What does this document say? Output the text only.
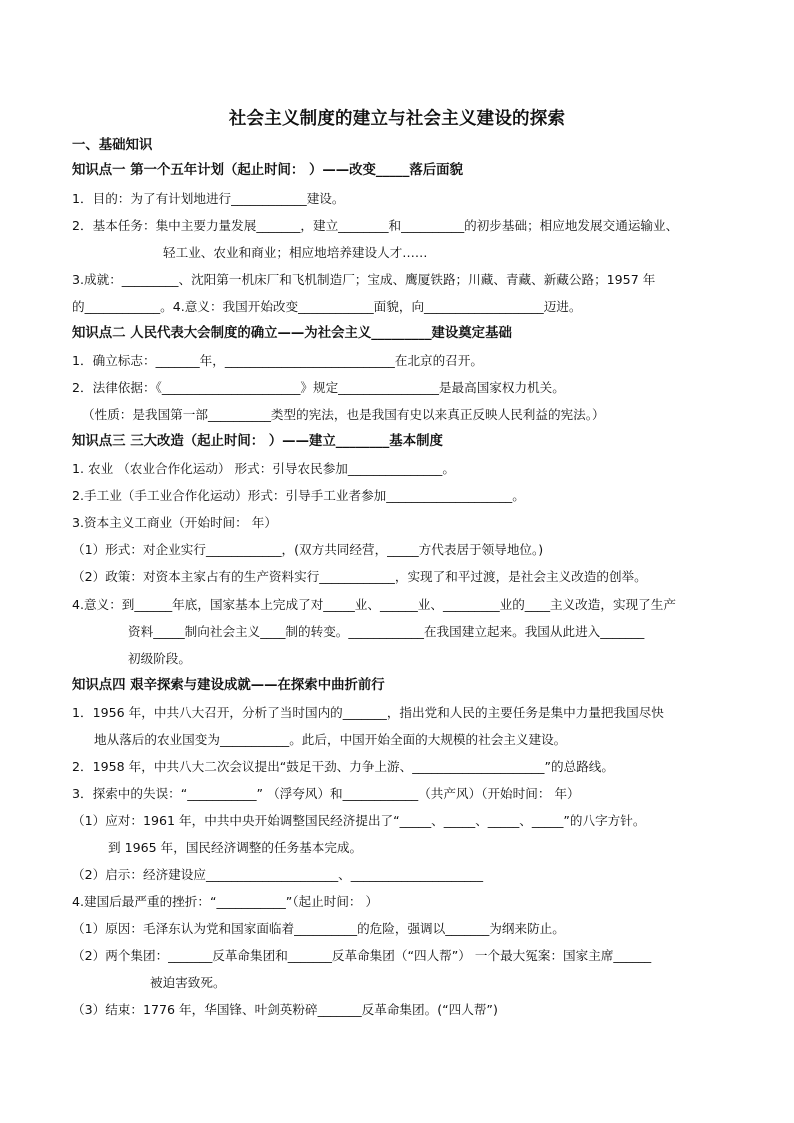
社会主义制度的建立与社会主义建设的探索
一、基础知识
知识点一 第一个五年计划（起止时间： ）——改变_____落后面貌
1．目的：为了有计划地进行____________建设。
2．基本任务：集中主要力量发展_______，建立________和__________的初步基础；相应地发展交通运输业、
轻工业、农业和商业；相应地培养建设人才……
3.成就：_________、沈阳第一机床厂和飞机制造厂；宝成、鹰厦铁路；川藏、青藏、新藏公路；1957 年
的____________。4.意义：我国开始改变____________面貌，向___________________迈进。
知识点二 人民代表大会制度的确立——为社会主义_________建设奠定基础
1．确立标志：_______年，___________________________在北京的召开。
2．法律依据：《______________________》规定________________是最高国家权力机关。
（性质：是我国第一部__________类型的宪法，也是我国有史以来真正反映人民利益的宪法。）
知识点三 三大改造（起止时间： ）——建立________基本制度
1. 农业 （农业合作化运动） 形式：引导农民参加_______________。
2.手工业（手工业合作化运动）形式：引导手工业者参加____________________。
3.资本主义工商业（开始时间： 年）
（1）形式：对企业实行____________，(双方共同经营，_____方代表居于领导地位。)
（2）政策：对资本主家占有的生产资料实行____________，实现了和平过渡，是社会主义改造的创举。
4.意义：到______年底，国家基本上完成了对_____业、______业、_________业的____主义改造，实现了生产
资料_____制向社会主义____制的转变。____________在我国建立起来。我国从此进入_______
初级阶段。
知识点四 艰辛探索与建设成就——在探索中曲折前行
1．1956 年，中共八大召开，分析了当时国内的_______，指出党和人民的主要任务是集中力量把我国尽快
地从落后的农业国变为___________。此后，中国开始全面的大规模的社会主义建设。
2．1958 年，中共八大二次会议提出“鼓足干劲、力争上游、_____________________”的总路线。
3．探索中的失误：“___________” （浮夸风）和____________（共产风）（开始时间： 年）
（1）应对：1961 年，中共中央开始调整国民经济提出了“_____、_____、_____、_____”的八字方针。
到 1965 年，国民经济调整的任务基本完成。
（2）启示：经济建设应_____________________、_____________________
4.建国后最严重的挫折：“___________”（起止时间： ）
（1）原因：毛泽东认为党和国家面临着__________的危险，强调以_______为纲来防止。
（2）两个集团：_______反革命集团和_______反革命集团（“四人帮”） 一个最大冤案：国家主席______
被迫害致死。
（3）结束：1776 年，华国锋、叶剑英粉碎_______反革命集团。(“四人帮”)
